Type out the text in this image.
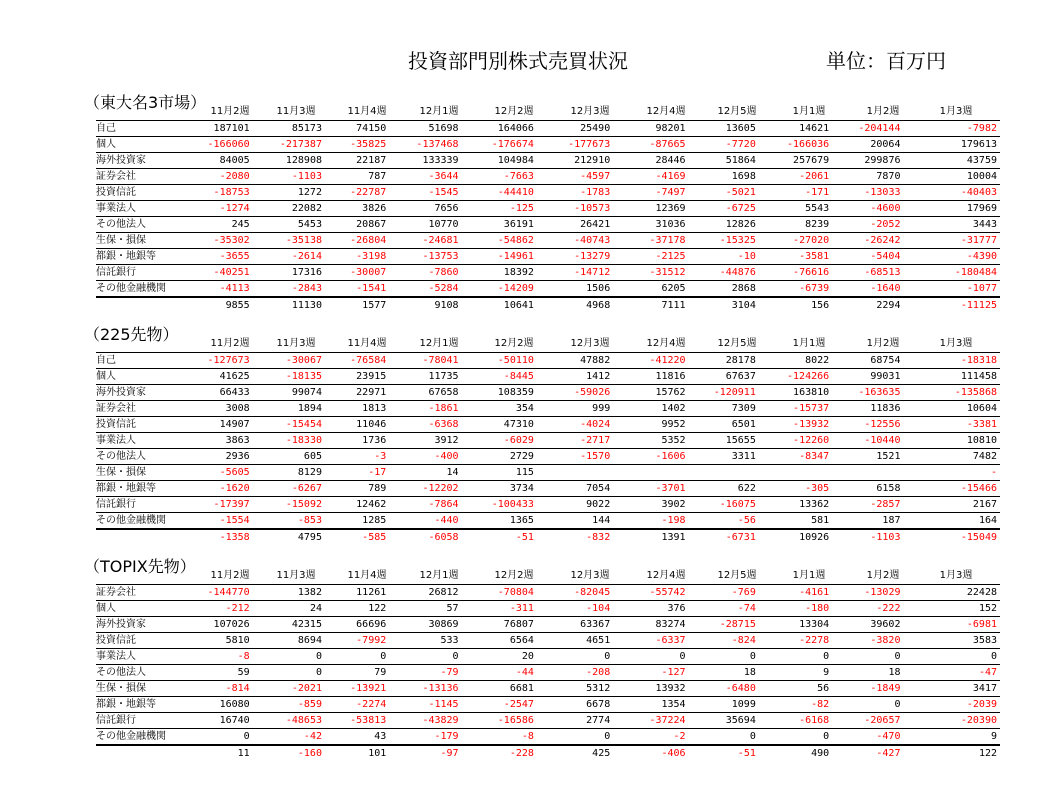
投資部門別株式売買状況	単位：百万円
（東大名3市場） 11月2週	11月3週	11月4週	12月1週	12月2週	12月3週	12月4週	12月5週	1月1週	1月2週	1月3週
自己	187101	85173	74150	51698	164066	25490	98201	13605	14621	-204144	-7982
個人	-166060	-217387	-35825	-137468	-176674	-177673	-87665	-7720	-166036	20064	179613
海外投資家	84005	128908	22187	133339	104984	212910	28446	51864	257679	299876	43759
証券会社	-2080	-1103	787	-3644	-7663	-4597	-4169	1698	-2061	7870	10004
投資信託	-18753	1272	-22787	-1545	-44410	-1783	-7497	-5021	-171	-13033	-40403
事業法人	-1274	22082	3826	7656	-125	-10573	12369	-6725	5543	-4600	17969
その他法人	245	5453	20867	10770	36191	26421	31036	12826	8239	-2052	3443
生保・損保	-35302	-35138	-26804	-24681	-54862	-40743	-37178	-15325	-27020	-26242	-31777
都銀・地銀等	-3655	-2614	-3198	-13753	-14961	-13279	-2125	-10	-3581	-5404	-4390
信託銀行	-40251	17316	-30007	-7860	18392	-14712	-31512	-44876	-76616	-68513	-180484
その他金融機関	-4113	-2843	-1541	-5284	-14209	1506	6205	2868	-6739	-1640	-1077
	9855	11130	1577	9108	10641	4968	7111	3104	156	2294	-11125
（225先物）	11月2週	11月3週	11月4週	12月1週	12月2週	12月3週	12月4週	12月5週	1月1週	1月2週	1月3週
自己	-127673	-30067	-76584	-78041	-50110	47882	-41220	28178	8022	68754	-18318
個人	41625	-18135	23915	11735	-8445	1412	11816	67637	-124266	99031	111458
海外投資家	66433	99074	22971	67658	108359	-59026	15762	-120911	163810	-163635	-135868
証券会社	3008	1894	1813	-1861	354	999	1402	7309	-15737	11836	10604
投資信託	14907	-15454	11046	-6368	47310	-4024	9952	6501	-13932	-12556	-3381
事業法人	3863	-18330	1736	3912	-6029	-2717	5352	15655	-12260	-10440	10810
その他法人	2936	605	-3	-400	2729	-1570	-1606	3311	-8347	1521	7482
生保・損保	-5605	8129	-17	14	115						-
都銀・地銀等	-1620	-6267	789	-12202	3734	7054	-3701	622	-305	6158	-15466
信託銀行	-17397	-15092	12462	-7864	-100433	9022	3902	-16075	13362	-2857	2167
その他金融機関	-1554	-853	1285	-440	1365	144	-198	-56	581	187	164
	-1358	4795	-585	-6058	-51	-832	1391	-6731	10926	-1103	-15049
（TOPIX先物） 11月2週	11月3週	11月4週	12月1週	12月2週	12月3週	12月4週	12月5週	1月1週	1月2週	1月3週
証券会社	-144770	1382	11261	26812	-70804	-82045	-55742	-769	-4161	-13029	22428
個人	-212	24	122	57	-311	-104	376	-74	-180	-222	152
海外投資家	107026	42315	66696	30869	76807	63367	83274	-28715	13304	39602	-6981
投資信託	5810	8694	-7992	533	6564	4651	-6337	-824	-2278	-3820	3583
事業法人	-8	0	0	0	20	0	0	0	0	0	0
その他法人	59	0	79	-79	-44	-208	-127	18	9	18	-47
生保・損保	-814	-2021	-13921	-13136	6681	5312	13932	-6480	56	-1849	3417
都銀・地銀等	16080	-859	-2274	-1145	-2547	6678	1354	1099	-82	0	-2039
信託銀行	16740	-48653	-53813	-43829	-16586	2774	-37224	35694	-6168	-20657	-20390
その他金融機関	0	-42	43	-179	-8	0	-2	0	0	-470	9
	11	-160	101	-97	-228	425	-406	-51	490	-427	122
